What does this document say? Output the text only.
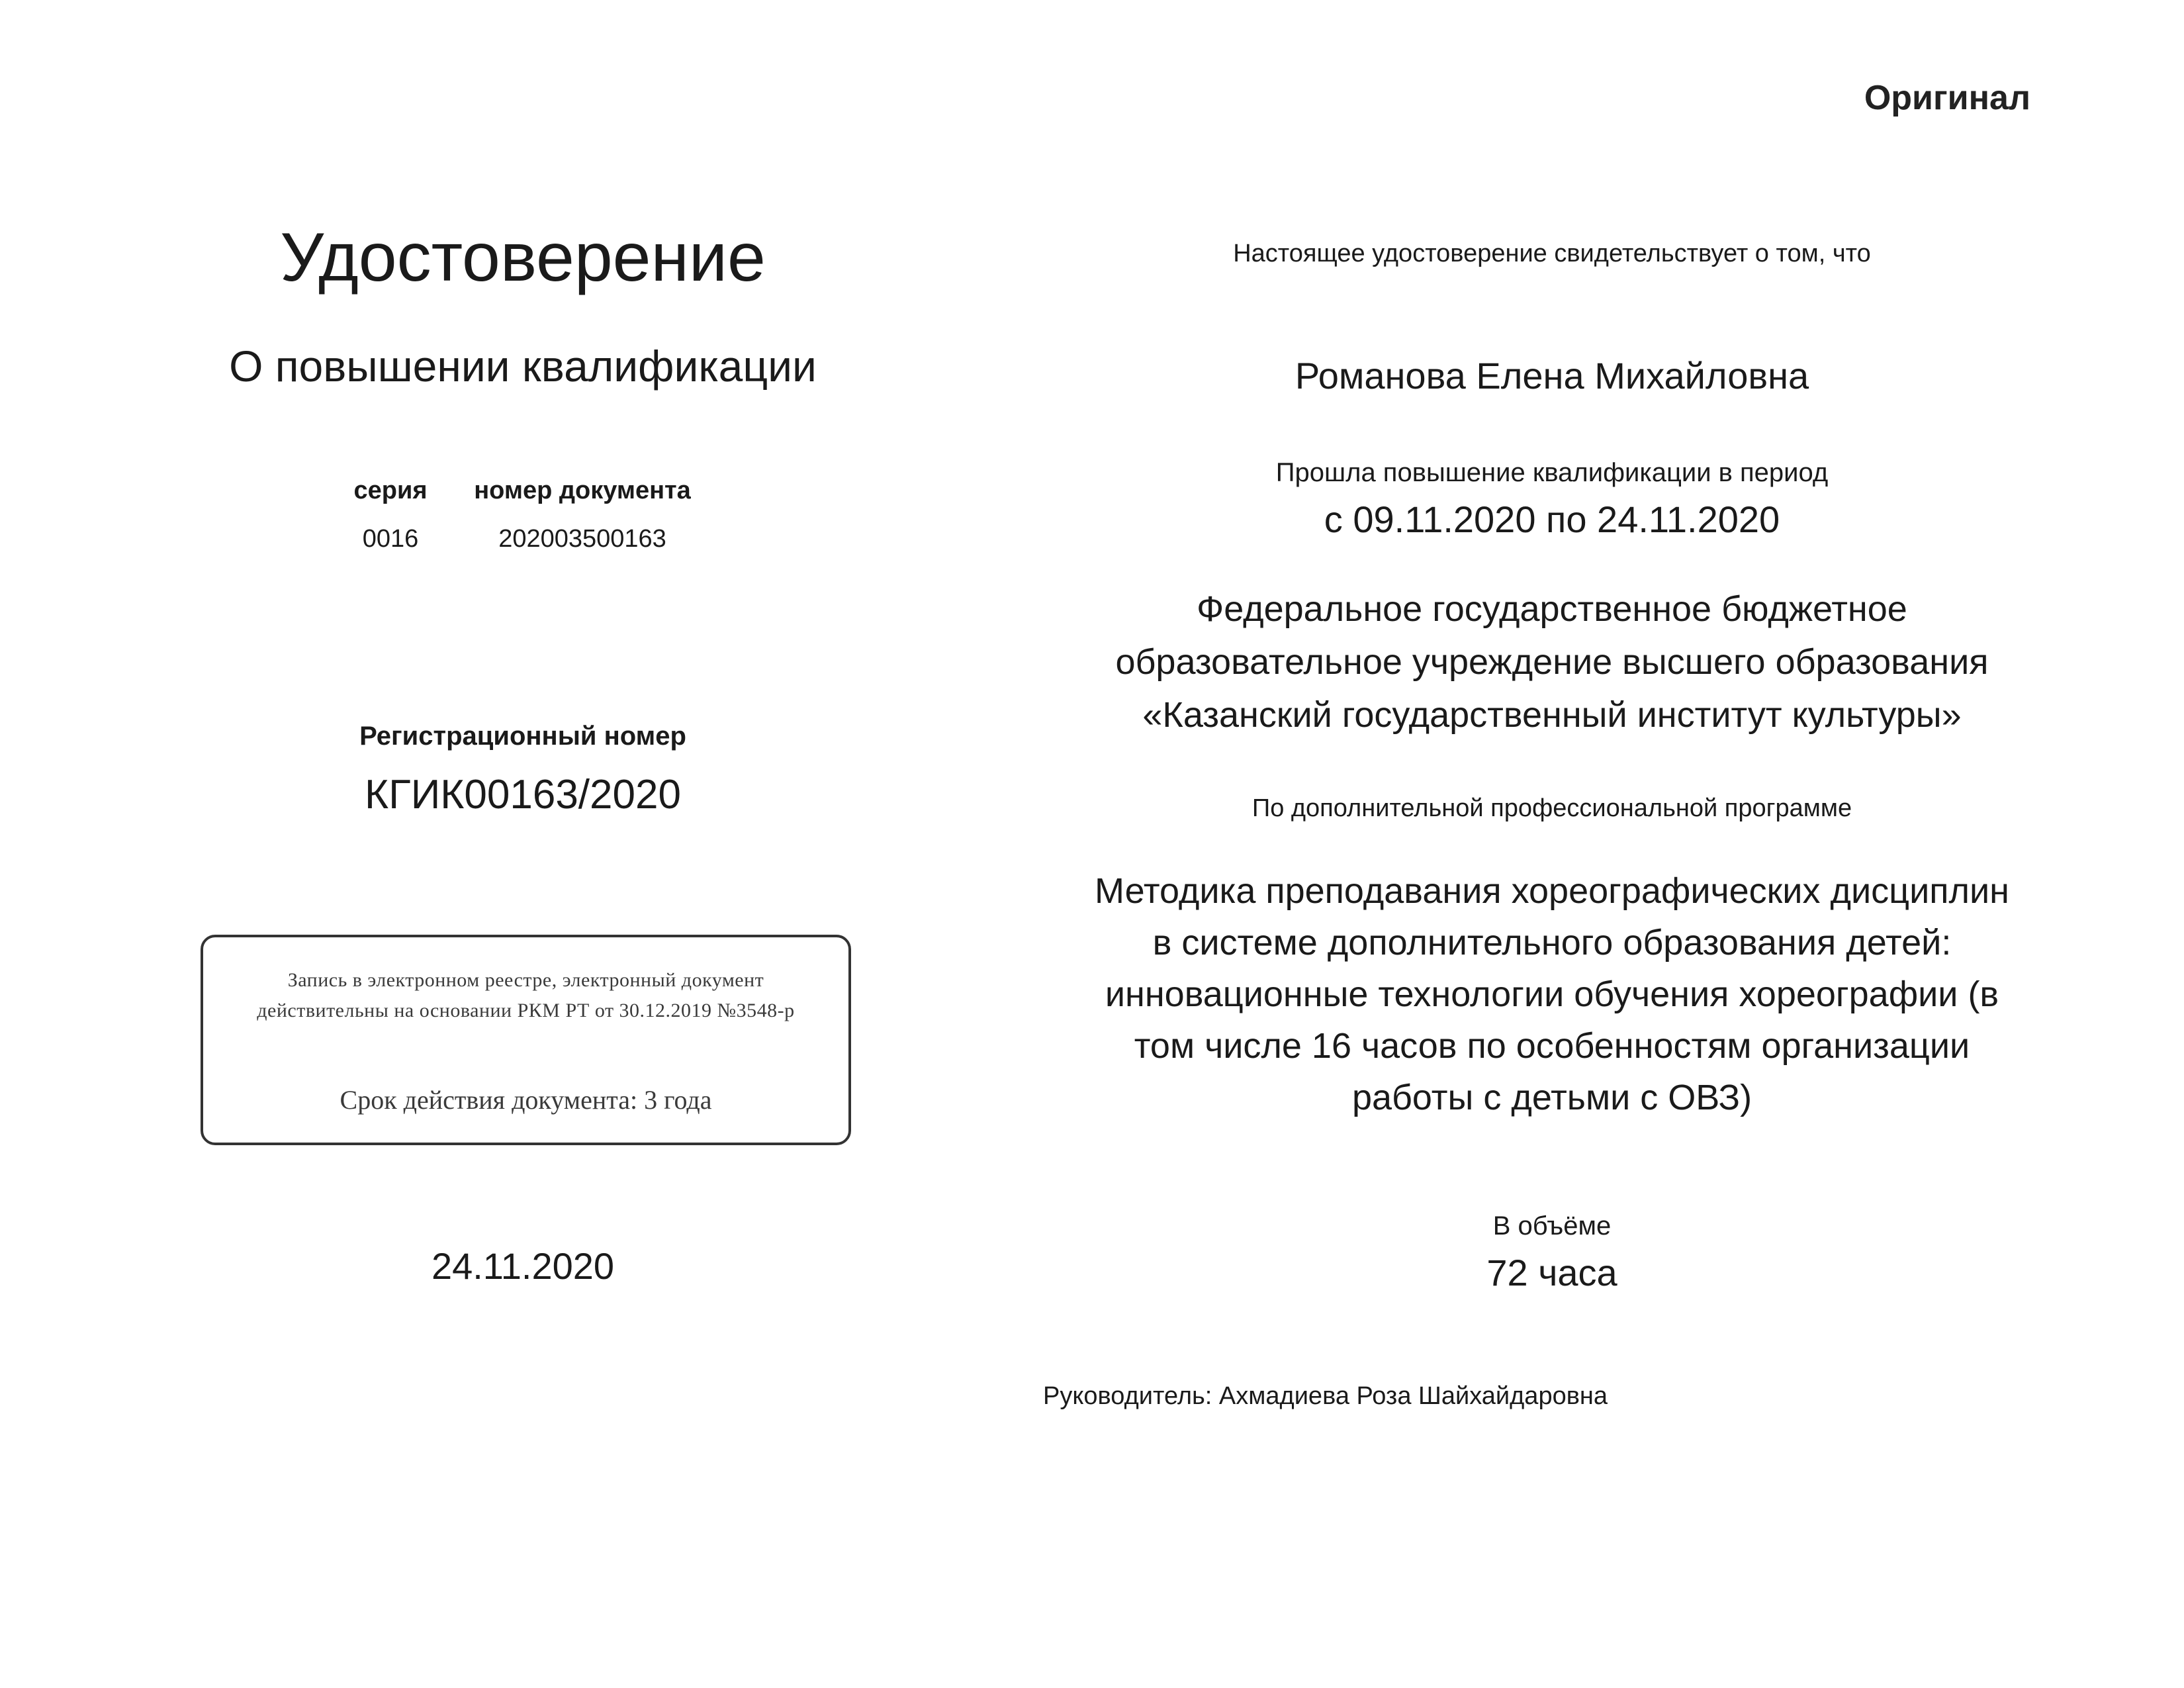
Оригинал
Удостоверение
О повышении квалификации
серия
0016
номер документа
202003500163
Регистрационный номер
КГИК00163/2020
Запись в электронном реестре, электронный документ
действительны на основании РКМ РТ от 30.12.2019 №3548-р
Срок действия документа: 3 года
24.11.2020
Настоящее удостоверение свидетельствует о том, что
Романова Елена Михайловна
Прошла повышение квалификации в период
с 09.11.2020 по 24.11.2020
Федеральное государственное бюджетное
образовательное учреждение высшего образования
«Казанский государственный институт культуры»
По дополнительной профессиональной программе
Методика преподавания хореографических дисциплин
в системе дополнительного образования детей:
инновационные технологии обучения хореографии (в
том числе 16 часов по особенностям организации
работы с детьми с ОВЗ)
В объёме
72 часа
Руководитель: Ахмадиева Роза Шайхайдаровна
